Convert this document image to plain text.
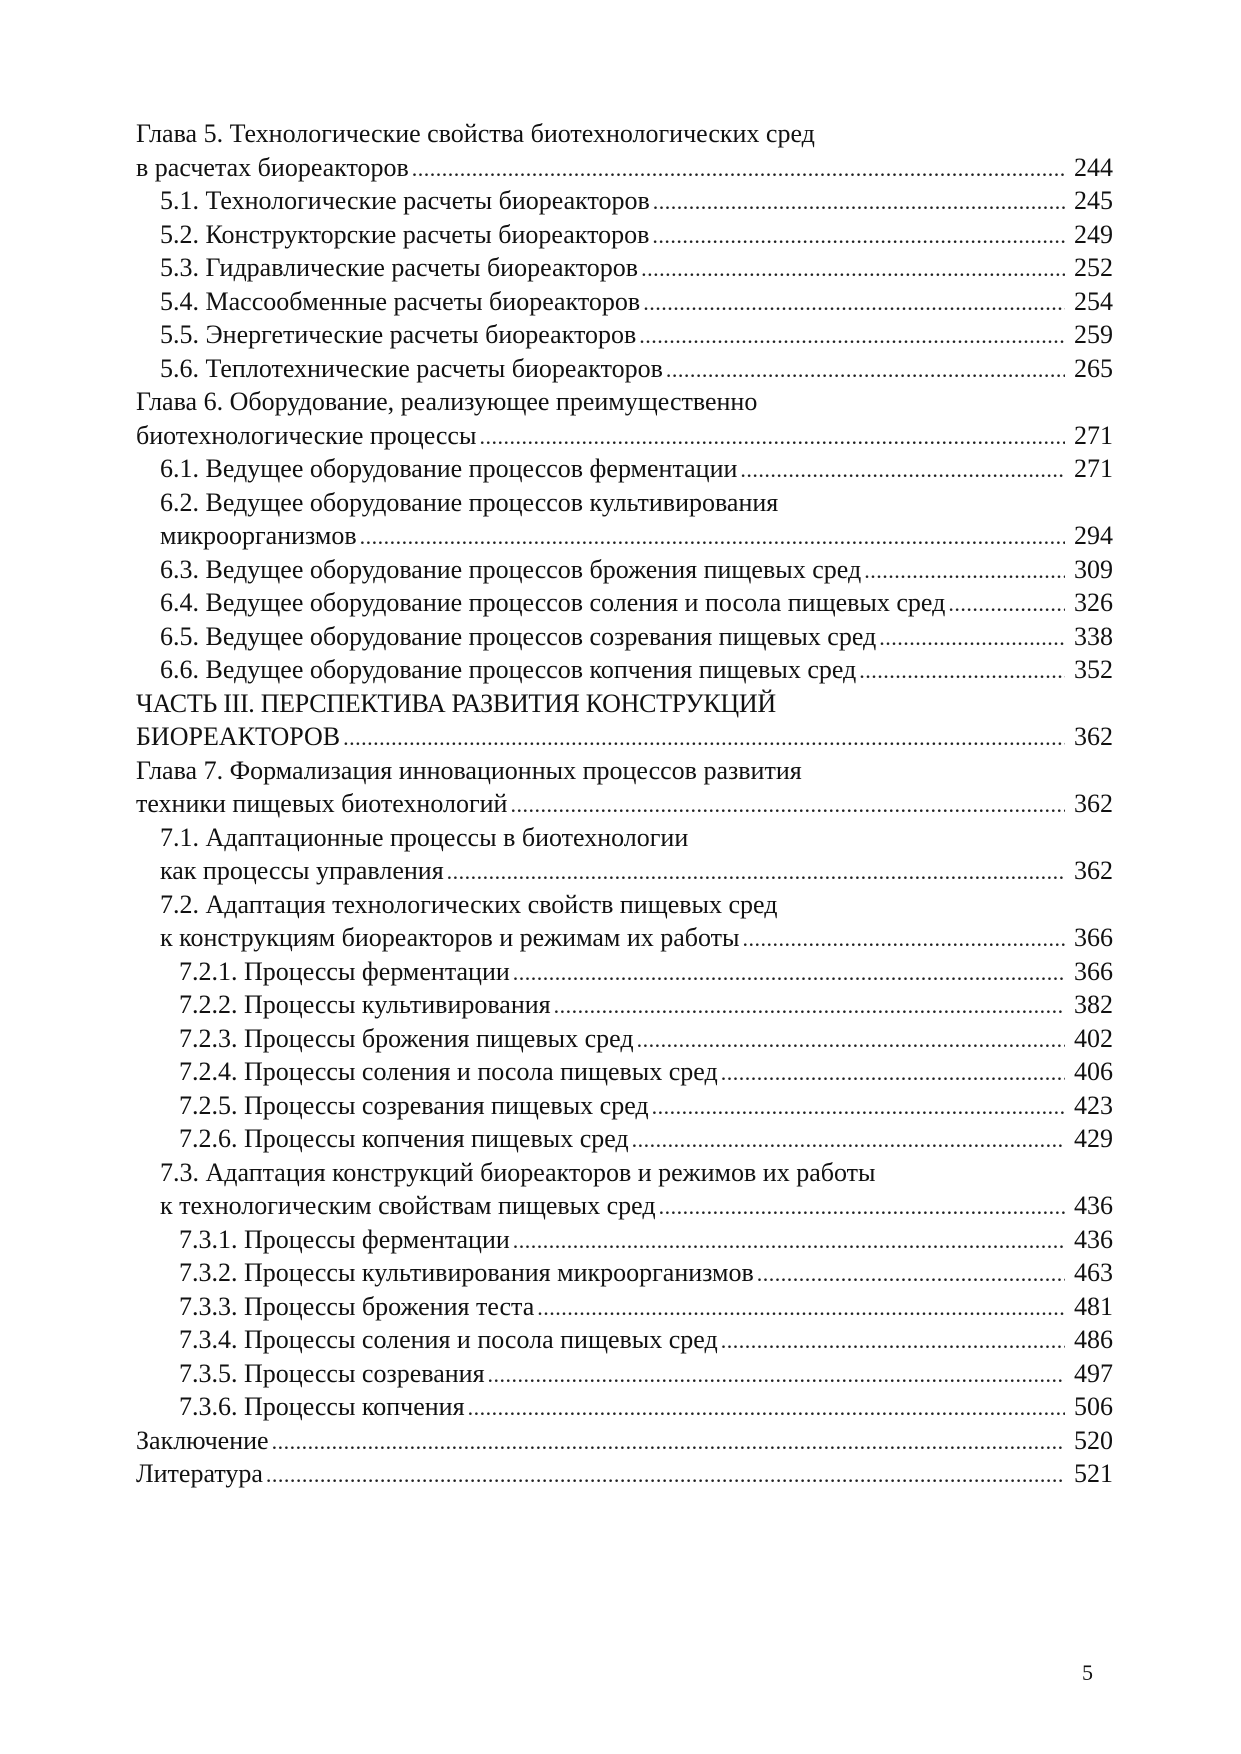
Глава 5. Технологические свойства биотехнологических сред
в расчетах биореакторов .....	244
5.1. Технологические расчеты биореакторов .....	245
5.2. Конструкторские расчеты биореакторов .....	249
5.3. Гидравлические расчеты биореакторов .....	252
5.4. Массообменные расчеты биореакторов .....	254
5.5. Энергетические расчеты биореакторов .....	259
5.6. Теплотехнические расчеты биореакторов .....	265
Глава 6. Оборудование, реализующее преимущественно
биотехнологические процессы .....	271
6.1. Ведущее оборудование процессов ферментации .....	271
6.2. Ведущее оборудование процессов культивирования
микроорганизмов .....	294
6.3. Ведущее оборудование процессов брожения пищевых сред .....	309
6.4. Ведущее оборудование процессов соления и посола пищевых сред .....	326
6.5. Ведущее оборудование процессов созревания пищевых сред .....	338
6.6. Ведущее оборудование процессов копчения пищевых сред .....	352
ЧАСТЬ III. ПЕРСПЕКТИВА РАЗВИТИЯ КОНСТРУКЦИЙ
БИОРЕАКТОРОВ .....	362
Глава 7. Формализация инновационных процессов развития
техники пищевых биотехнологий .....	362
7.1. Адаптационные процессы в биотехнологии
как процессы управления .....	362
7.2. Адаптация технологических свойств пищевых сред
к конструкциям биореакторов и режимам их работы .....	366
7.2.1. Процессы ферментации .....	366
7.2.2. Процессы культивирования .....	382
7.2.3. Процессы брожения пищевых сред .....	402
7.2.4. Процессы соления и посола пищевых сред .....	406
7.2.5. Процессы созревания пищевых сред .....	423
7.2.6. Процессы копчения пищевых сред .....	429
7.3. Адаптация конструкций биореакторов и режимов их работы
к технологическим свойствам пищевых сред .....	436
7.3.1. Процессы ферментации .....	436
7.3.2. Процессы культивирования микроорганизмов .....	463
7.3.3. Процессы брожения теста .....	481
7.3.4. Процессы соления и посола пищевых сред .....	486
7.3.5. Процессы созревания .....	497
7.3.6. Процессы копчения .....	506
Заключение .....	520
Литература .....	521
5
